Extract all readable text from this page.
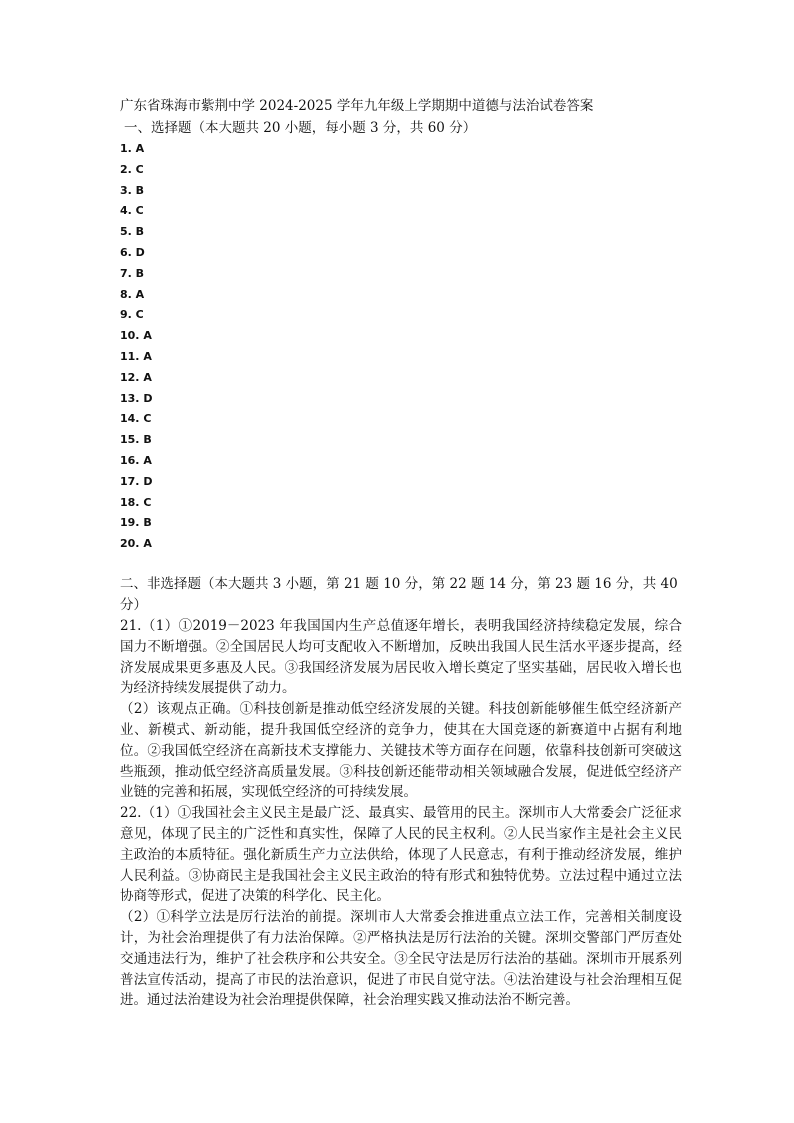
广东省珠海市紫荆中学 2024-2025 学年九年级上学期期中道德与法治试卷答案
一、选择题（本大题共 20 小题，每小题 3 分，共 60 分）
1. A
2. C
3. B
4. C
5. B
6. D
7. B
8. A
9. C
10. A
11. A
12. A
13. D
14. C
15. B
16. A
17. D
18. C
19. B
20. A
二、非选择题（本大题共 3 小题，第 21 题 10 分，第 22 题 14 分，第 23 题 16 分，共 40 分）

21.（1）①2019－2023 年我国国内生产总值逐年增长，表明我国经济持续稳定发展，综合国力不断增强。②全国居民人均可支配收入不断增加，反映出我国人民生活水平逐步提高，经济发展成果更多惠及人民。③我国经济发展为居民收入增长奠定了坚实基础，居民收入增长也为经济持续发展提供了动力。

（2）该观点正确。①科技创新是推动低空经济发展的关键。科技创新能够催生低空经济新产业、新模式、新动能，提升我国低空经济的竞争力，使其在大国竞逐的新赛道中占据有利地位。②我国低空经济在高新技术支撑能力、关键技术等方面存在问题，依靠科技创新可突破这些瓶颈，推动低空经济高质量发展。③科技创新还能带动相关领域融合发展，促进低空经济产业链的完善和拓展，实现低空经济的可持续发展。

22.（1）①我国社会主义民主是最广泛、最真实、最管用的民主。深圳市人大常委会广泛征求意见，体现了民主的广泛性和真实性，保障了人民的民主权利。②人民当家作主是社会主义民主政治的本质特征。强化新质生产力立法供给，体现了人民意志，有利于推动经济发展，维护人民利益。③协商民主是我国社会主义民主政治的特有形式和独特优势。立法过程中通过立法协商等形式，促进了决策的科学化、民主化。

（2）①科学立法是厉行法治的前提。深圳市人大常委会推进重点立法工作，完善相关制度设计，为社会治理提供了有力法治保障。②严格执法是厉行法治的关键。深圳交警部门严厉查处交通违法行为，维护了社会秩序和公共安全。③全民守法是厉行法治的基础。深圳市开展系列普法宣传活动，提高了市民的法治意识，促进了市民自觉守法。④法治建设与社会治理相互促进。通过法治建设为社会治理提供保障，社会治理实践又推动法治不断完善。
